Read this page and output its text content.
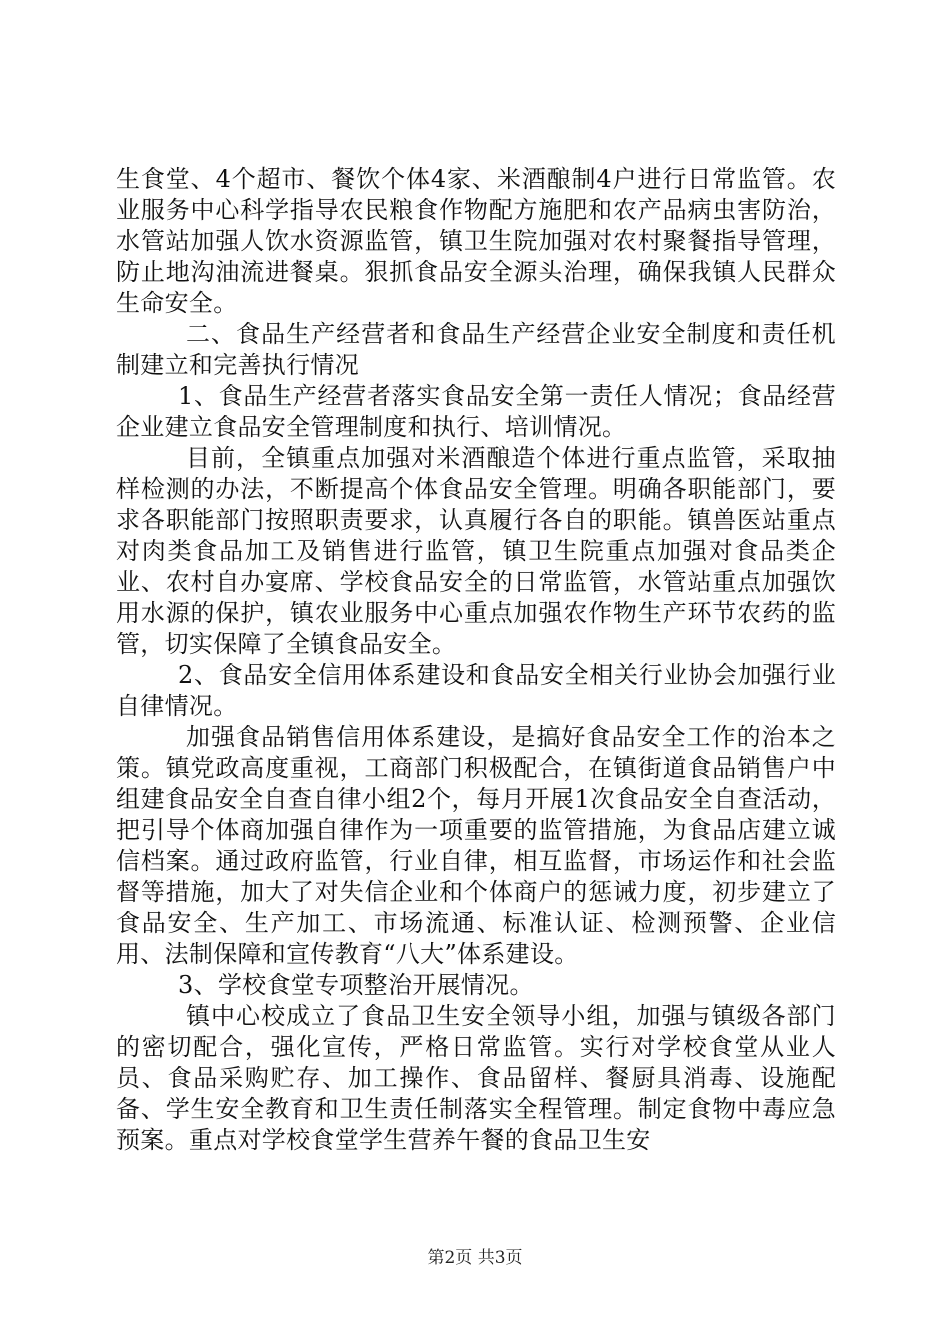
生食堂、4个超市、餐饮个体4家、米酒酿制4户进行日常监管。农业服务中心科学指导农民粮食作物配方施肥和农产品病虫害防治，水管站加强人饮水资源监管，镇卫生院加强对农村聚餐指导管理，防止地沟油流进餐桌。狠抓食品安全源头治理，确保我镇人民群众生命安全。

二、食品生产经营者和食品生产经营企业安全制度和责任机制建立和完善执行情况

1、食品生产经营者落实食品安全第一责任人情况；食品经营企业建立食品安全管理制度和执行、培训情况。

目前，全镇重点加强对米酒酿造个体进行重点监管，采取抽样检测的办法，不断提高个体食品安全管理。明确各职能部门，要求各职能部门按照职责要求，认真履行各自的职能。镇兽医站重点对肉类食品加工及销售进行监管，镇卫生院重点加强对食品类企业、农村自办宴席、学校食品安全的日常监管，水管站重点加强饮用水源的保护，镇农业服务中心重点加强农作物生产环节农药的监管，切实保障了全镇食品安全。

2、食品安全信用体系建设和食品安全相关行业协会加强行业自律情况。

加强食品销售信用体系建设，是搞好食品安全工作的治本之策。镇党政高度重视，工商部门积极配合，在镇街道食品销售户中组建食品安全自查自律小组2个，每月开展1次食品安全自查活动，把引导个体商加强自律作为一项重要的监管措施，为食品店建立诚信档案。通过政府监管，行业自律，相互监督，市场运作和社会监督等措施，加大了对失信企业和个体商户的惩诫力度，初步建立了食品安全、生产加工、市场流通、标准认证、检测预警、企业信用、法制保障和宣传教育“八大”体系建设。

3、学校食堂专项整治开展情况。

镇中心校成立了食品卫生安全领导小组，加强与镇级各部门的密切配合，强化宣传，严格日常监管。实行对学校食堂从业人员、食品采购贮存、加工操作、食品留样、餐厨具消毒、设施配备、学生安全教育和卫生责任制落实全程管理。制定食物中毒应急预案。重点对学校食堂学生营养午餐的食品卫生安

第2页 共3页
